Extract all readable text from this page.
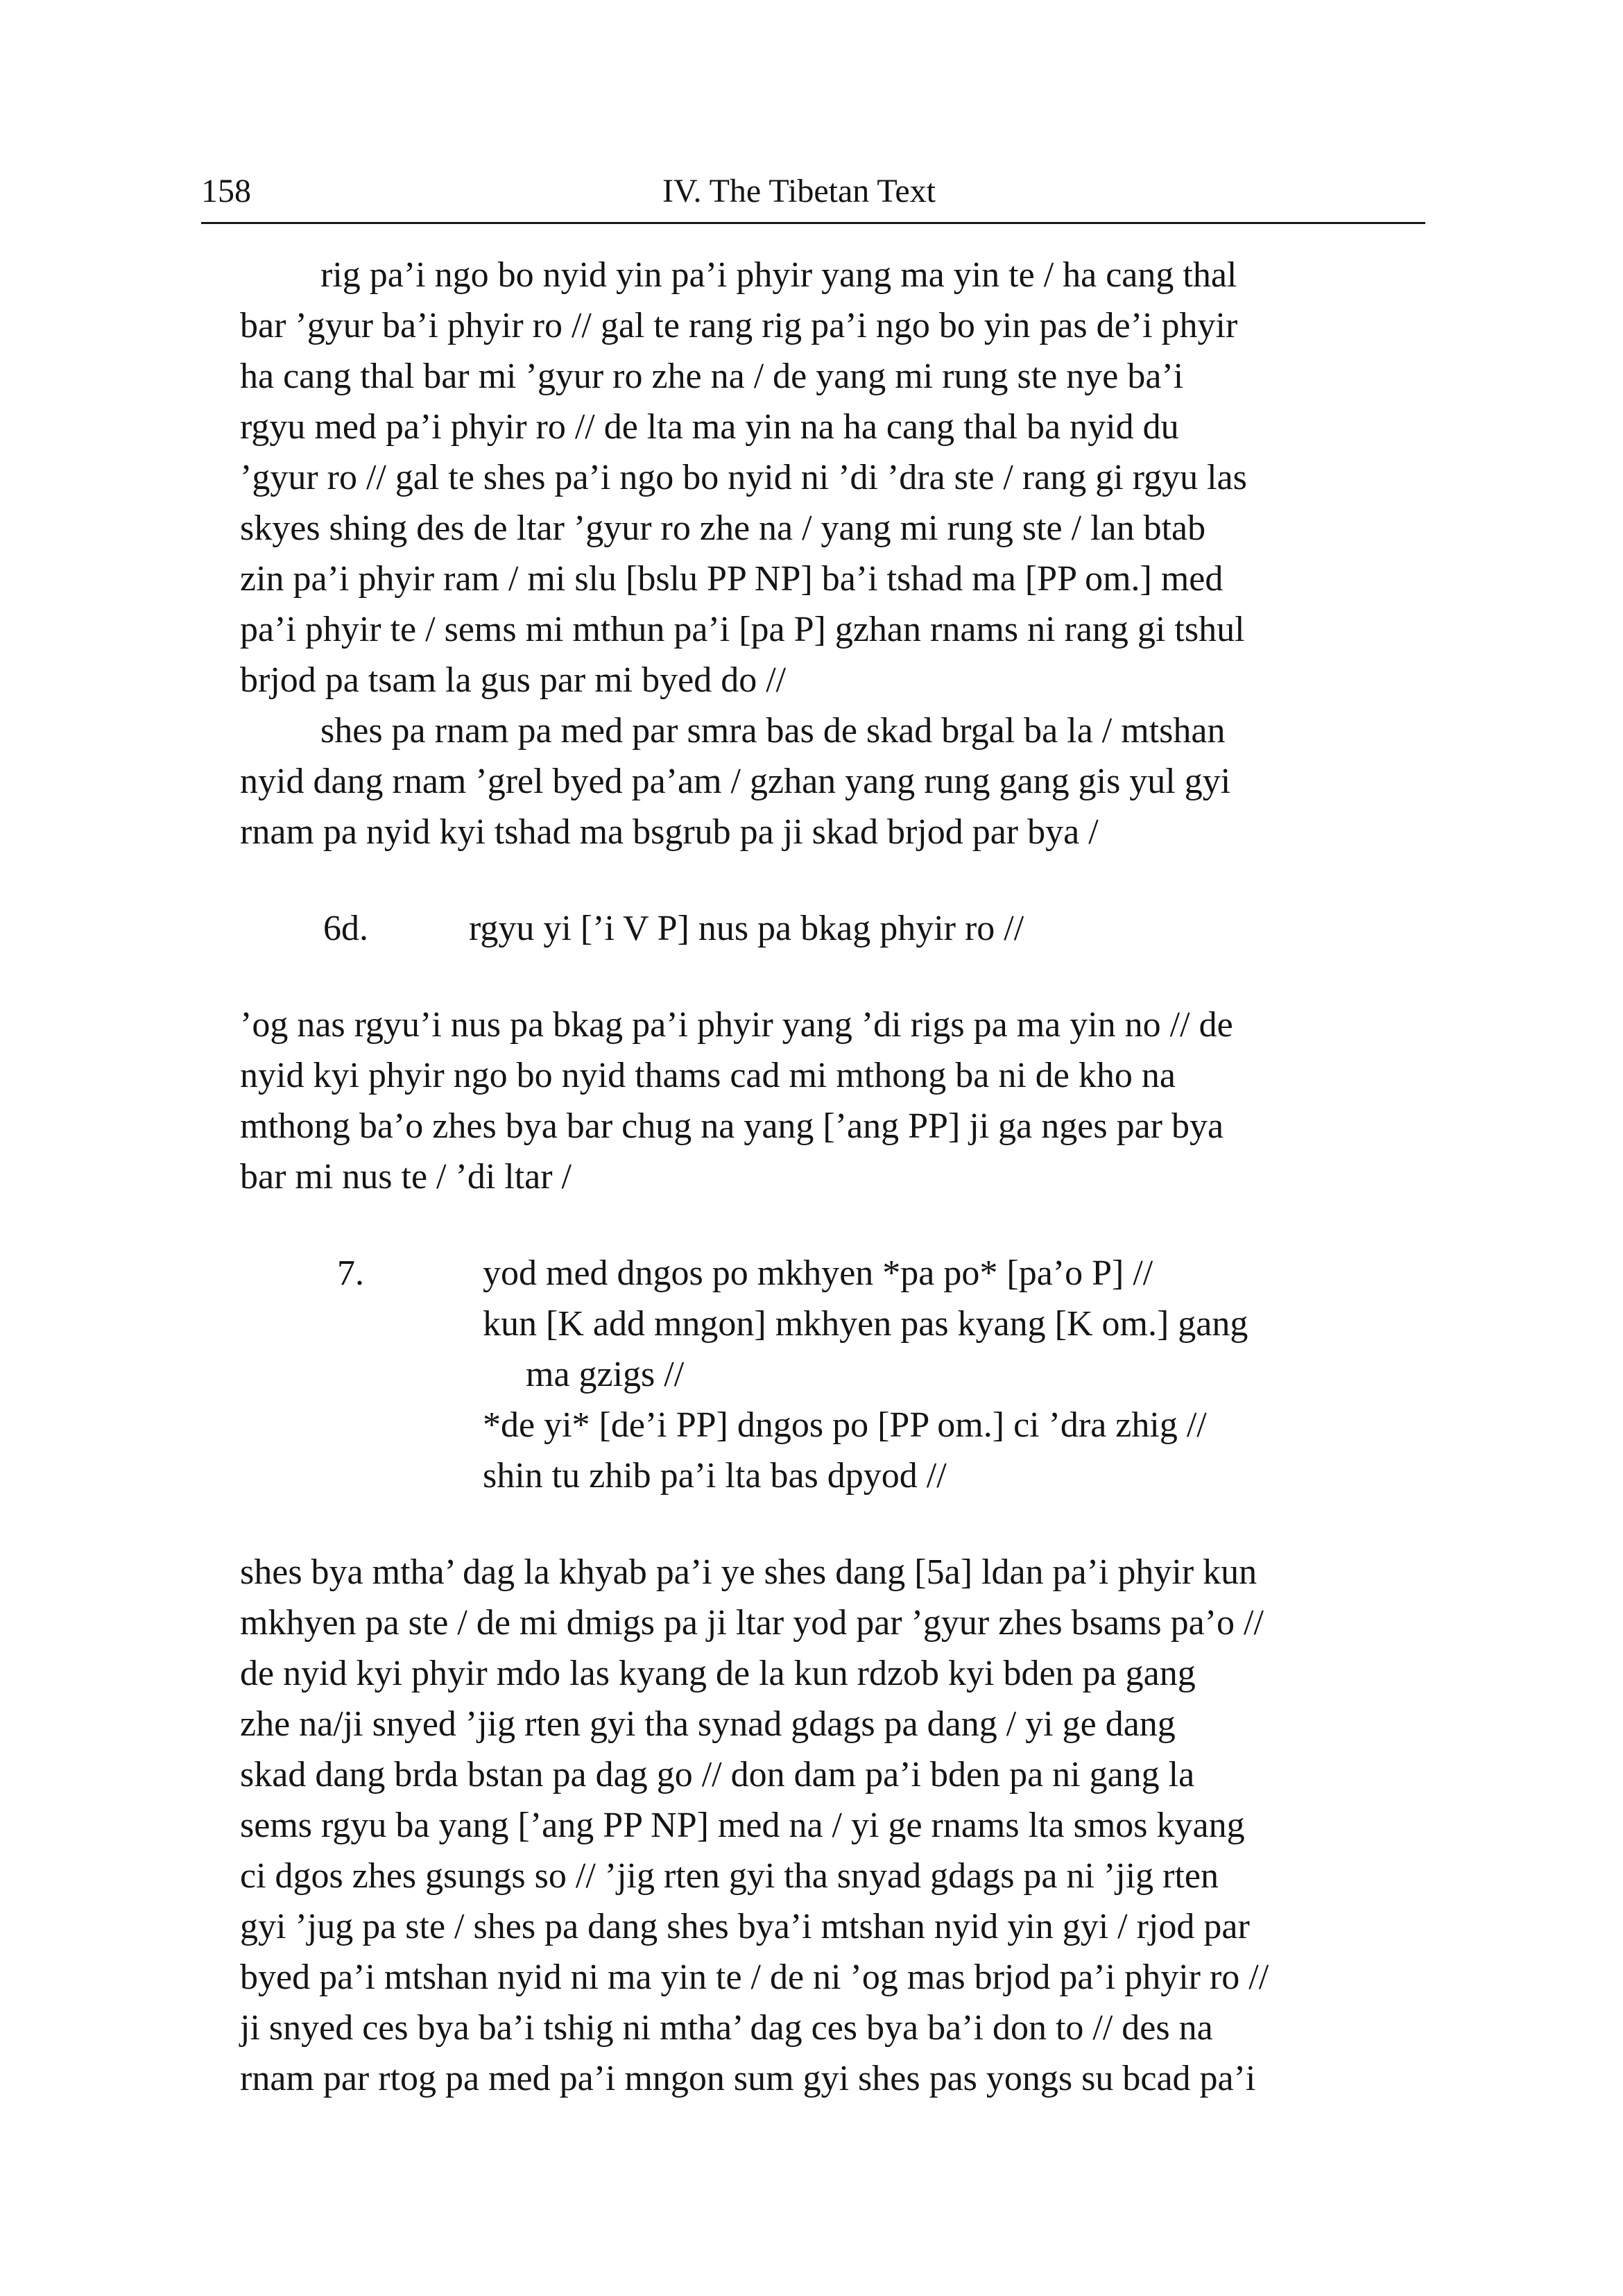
158	IV. The Tibetan Text
rig pa’i ngo bo nyid yin pa’i phyir yang ma yin te / ha cang thal
bar ’gyur ba’i phyir ro // gal te rang rig pa’i ngo bo yin pas de’i phyir
ha cang thal bar mi ’gyur ro zhe na / de yang mi rung ste nye ba’i
rgyu med pa’i phyir ro // de lta ma yin na ha cang thal ba nyid du
’gyur ro // gal te shes pa’i ngo bo nyid ni ’di ’dra ste / rang gi rgyu las
skyes shing des de ltar ’gyur ro zhe na / yang mi rung ste / lan btab
zin pa’i phyir ram / mi slu [bslu PP NP] ba’i tshad ma [PP om.] med
pa’i phyir te / sems mi mthun pa’i [pa P] gzhan rnams ni rang gi tshul
brjod pa tsam la gus par mi byed do //
shes pa rnam pa med par smra bas de skad brgal ba la / mtshan
nyid dang rnam ’grel byed pa’am / gzhan yang rung gang gis yul gyi
rnam pa nyid kyi tshad ma bsgrub pa ji skad brjod par bya /

6d.

	rgyu yi [’i V P] nus pa bkag phyir ro //

’og nas rgyu’i nus pa bkag pa’i phyir yang ’di rigs pa ma yin no // de
nyid kyi phyir ngo bo nyid thams cad mi mthong ba ni de kho na
mthong ba’o zhes bya bar chug na yang [’ang PP] ji ga nges par bya
bar mi nus te / ’di ltar /
7.	yod med dngos po mkhyen *pa po* [pa’o P] //
kun [K add mngon] mkhyen pas kyang [K om.] gang
ma gzigs //
*de yi* [de’i PP] dngos po [PP om.] ci ’dra zhig //
shin tu zhib pa’i lta bas dpyod //
shes bya mtha’ dag la khyab pa’i ye shes dang [5a] ldan pa’i phyir kun
mkhyen pa ste / de mi dmigs pa ji ltar yod par ’gyur zhes bsams pa’o //
de nyid kyi phyir mdo las kyang de la kun rdzob kyi bden pa gang
zhe na/ji snyed ’jig rten gyi tha synad gdags pa dang / yi ge dang
skad dang brda bstan pa dag go // don dam pa’i bden pa ni gang la
sems rgyu ba yang [’ang PP NP] med na / yi ge rnams lta smos kyang
ci dgos zhes gsungs so // ’jig rten gyi tha snyad gdags pa ni ’jig rten
gyi ’jug pa ste / shes pa dang shes bya’i mtshan nyid yin gyi / rjod par
byed pa’i mtshan nyid ni ma yin te / de ni ’og mas brjod pa’i phyir ro //
ji snyed ces bya ba’i tshig ni mtha’ dag ces bya ba’i don to // des na
rnam par rtog pa med pa’i mngon sum gyi shes pas yongs su bcad pa’i
